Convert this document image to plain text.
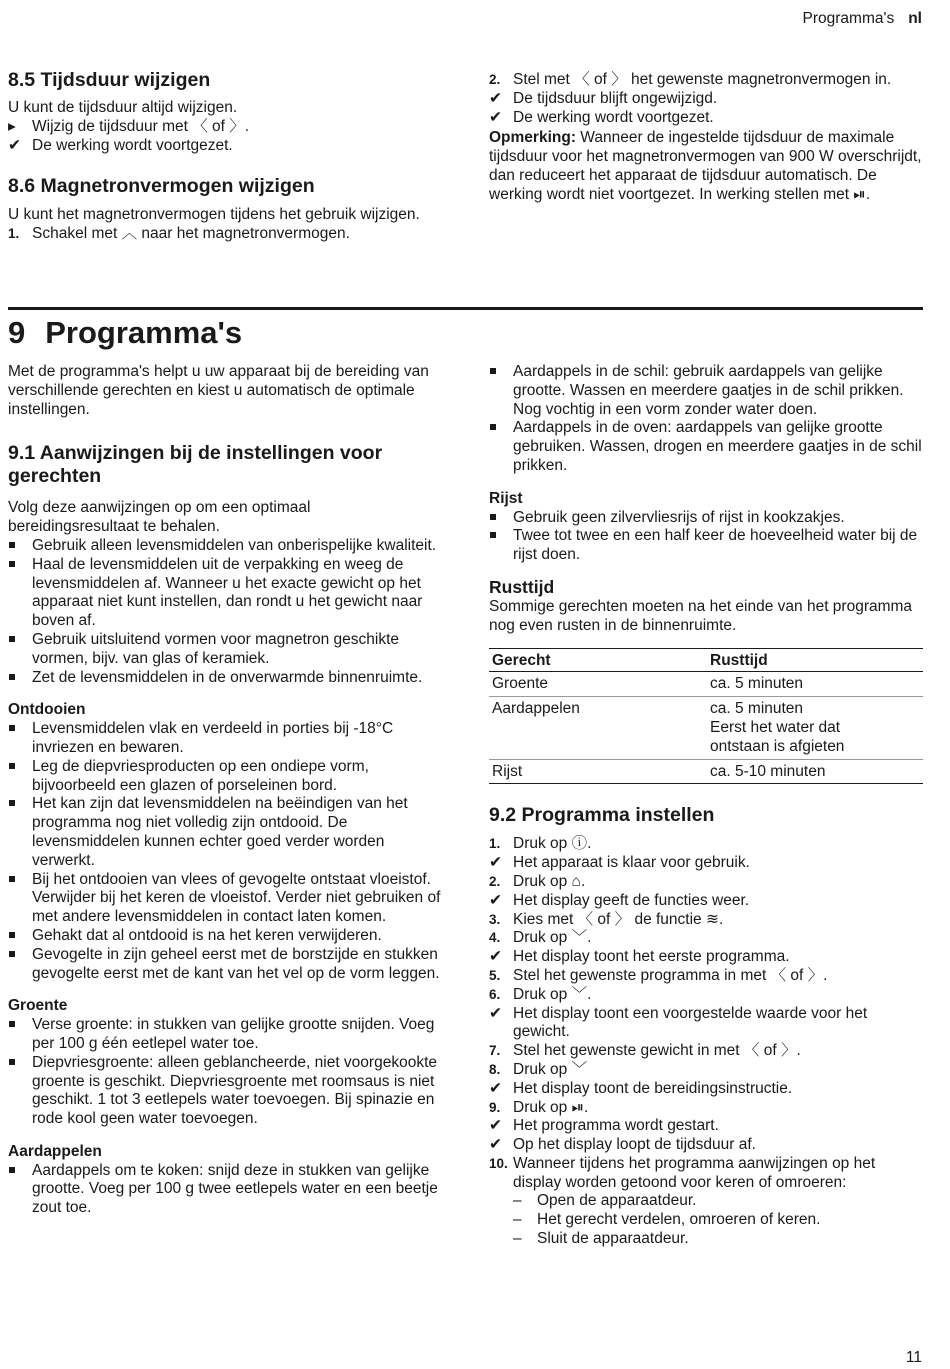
Programma's nl
8.5 Tijdsduur wijzigen

U kunt de tijdsduur altijd wijzigen.

▸	Wijzig de tijdsduur met 〈 of 〉.
✔ De werking wordt voortgezet.
8.6 Magnetronvermogen wijzigen

U kunt het magnetronvermogen tijdens het gebruik wijzigen.

1. Schakel met ︿ naar het magnetronvermogen.
2. Stel met 〈 of 〉 het gewenste magnetronvermogen in.
✔ De tijdsduur blijft ongewijzigd.
✔ De werking wordt voortgezet.

Opmerking: Wanneer de ingestelde tijdsduur de maximale tijdsduur voor het magnetronvermogen van 900 W overschrijdt, dan reduceert het apparaat de tijdsduur automatisch. De werking wordt niet voortgezet. In werking stellen met ⏯.

9 Programma's

Met de programma's helpt u uw apparaat bij de bereiding van verschillende gerechten en kiest u automatisch de optimale instellingen.

9.1 Aanwijzingen bij de instellingen voor gerechten

Volg deze aanwijzingen op om een optimaal bereidingsresultaat te behalen.

Gebruik alleen levensmiddelen van onberispelijke kwaliteit.
Haal de levensmiddelen uit de verpakking en weeg de levensmiddelen af. Wanneer u het exacte gewicht op het apparaat niet kunt instellen, dan rondt u het gewicht naar boven af.
Gebruik uitsluitend vormen voor magnetron geschikte vormen, bijv. van glas of keramiek.
Zet de levensmiddelen in de onverwarmde binnenruimte.
Ontdooien
Levensmiddelen vlak en verdeeld in porties bij -18°C invriezen en bewaren.
Leg de diepvriesproducten op een ondiepe vorm, bijvoorbeeld een glazen of porseleinen bord.
Het kan zijn dat levensmiddelen na beëindigen van het programma nog niet volledig zijn ontdooid. De levensmiddelen kunnen echter goed verder worden verwerkt.
Bij het ontdooien van vlees of gevogelte ontstaat vloeistof. Verwijder bij het keren de vloeistof. Verder niet gebruiken of met andere levensmiddelen in contact laten komen.
Gehakt dat al ontdooid is na het keren verwijderen.
Gevogelte in zijn geheel eerst met de borstzijde en stukken gevogelte eerst met de kant van het vel op de vorm leggen.
Groente
Verse groente: in stukken van gelijke grootte snijden. Voeg per 100 g één eetlepel water toe.
Diepvriesgroente: alleen geblancheerde, niet voorgekookte groente is geschikt. Diepvriesgroente met roomsaus is niet geschikt. 1 tot 3 eetlepels water toevoegen. Bij spinazie en rode kool geen water toevoegen.
Aardappelen
Aardappels om te koken: snijd deze in stukken van gelijke grootte. Voeg per 100 g twee eetlepels water en een beetje zout toe.
Aardappels in de schil: gebruik aardappels van gelijke grootte. Wassen en meerdere gaatjes in de schil prikken. Nog vochtig in een vorm zonder water doen.
Aardappels in de oven: aardappels van gelijke grootte gebruiken. Wassen, drogen en meerdere gaatjes in de schil prikken.
Rijst
Gebruik geen zilvervliesrijs of rijst in kookzakjes.
Twee tot twee en een half keer de hoeveelheid water bij de rijst doen.
Rusttijd

Sommige gerechten moeten na het einde van het programma nog even rusten in de binnenruimte.

Gerecht	Rusttijd
Groente	ca. 5 minuten
Aardappelen	ca. 5 minuten
Eerst het water dat ontstaan is afgieten

Rijst	ca. 5-10 minuten
9.2 Programma instellen
1. Druk op ⓘ.
✔ Het apparaat is klaar voor gebruik.
2. Druk op ⌂.
✔ Het display geeft de functies weer.
3. Kies met 〈 of 〉 de functie ≋.
4. Druk op ﹀.
✔ Het display toont het eerste programma.
5. Stel het gewenste programma in met 〈 of 〉.
6. Druk op ﹀.
✔ Het display toont een voorgestelde waarde voor het gewicht.
7. Stel het gewenste gewicht in met 〈 of 〉.
8. Druk op ﹀
✔ Het display toont de bereidingsinstructie.
9. Druk op ⏯.
✔ Het programma wordt gestart.
✔ Op het display loopt de tijdsduur af.
10. Wanneer tijdens het programma aanwijzingen op het display worden getoond voor keren of omroeren:
– Open de apparaatdeur.
– Het gerecht verdelen, omroeren of keren.
– Sluit de apparaatdeur.
11
